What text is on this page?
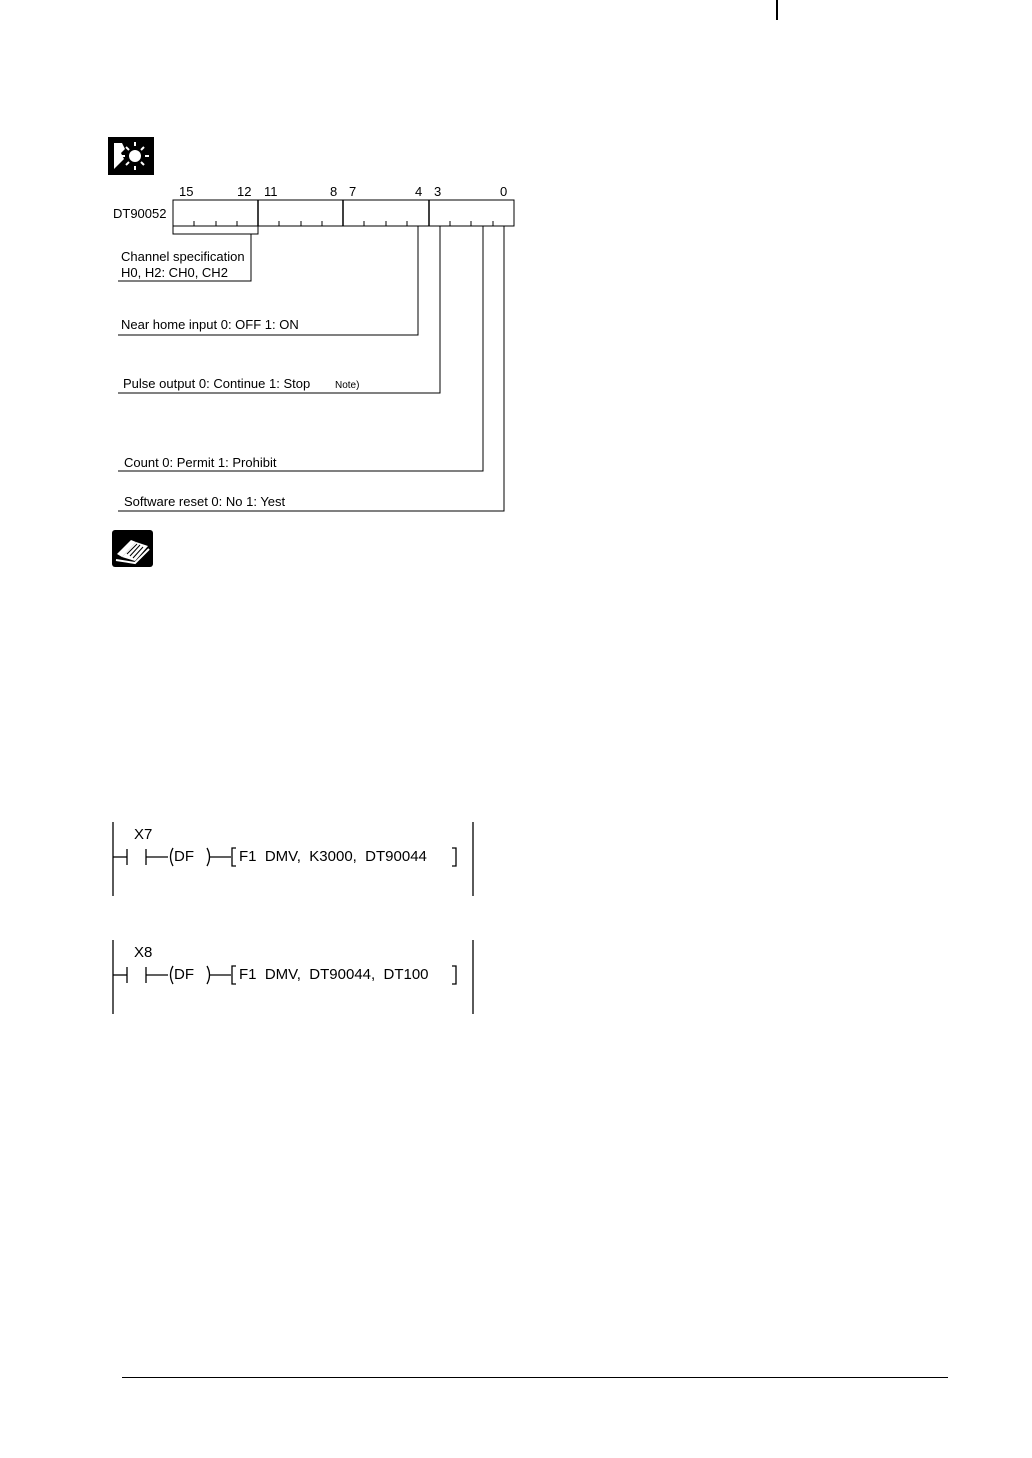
15	12 11	8 7	4 3	0
DT90052
Channel specification
H0, H2: CH0, CH2
Near home input 0: OFF 1: ON
Pulse output 0: Continue 1: Stop Note)
Count 0: Permit 1: Prohibit
Software reset 0: No 1: Yest
X7
DF	F1  DMV,  K3000,  DT90044
X8
DF	F1  DMV,  DT90044,  DT100
